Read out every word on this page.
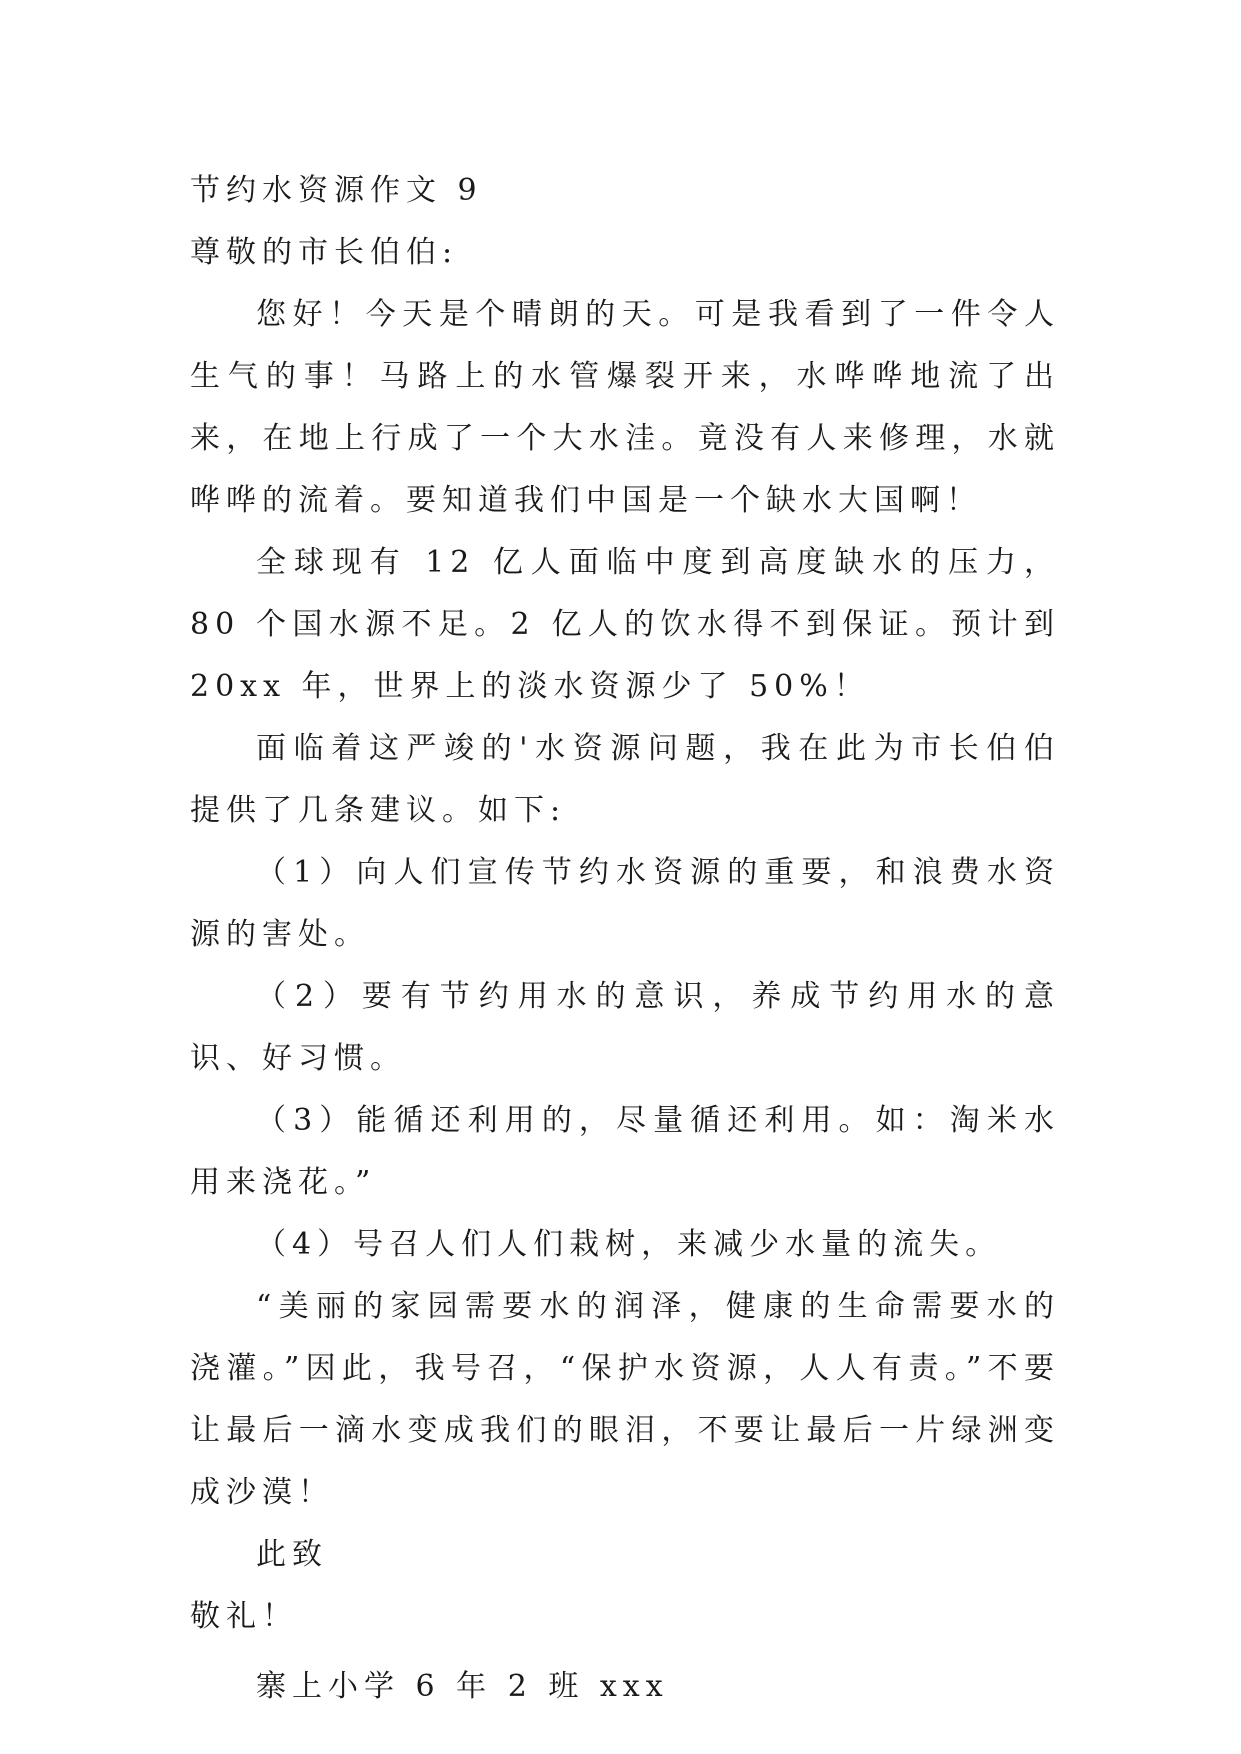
节约水资源作文 9
尊敬的市长伯伯:

您好！今天是个晴朗的天。可是我看到了一件令人生气的事！马路上的水管爆裂开来，水哗哗地流了出来，在地上行成了一个大水洼。竟没有人来修理，水就哗哗的流着。要知道我们中国是一个缺水大国啊！

全球现有 12 亿人面临中度到高度缺水的压力，80 个国水源不足。2 亿人的饮水得不到保证。预计到 20xx 年，世界上的淡水资源少了 50%！

面临着这严竣的'水资源问题，我在此为市长伯伯提供了几条建议。如下:

（1）向人们宣传节约水资源的重要，和浪费水资源的害处。

（2）要有节约用水的意识，养成节约用水的意识、好习惯。

（3）能循还利用的，尽量循还利用。如：淘米水用来浇花。”

（4）号召人们人们栽树，来减少水量的流失。

“美丽的家园需要水的润泽，健康的生命需要水的浇灌。”因此，我号召，“保护水资源，人人有责。”不要让最后一滴水变成我们的眼泪，不要让最后一片绿洲变成沙漠！

此致
敬礼！
寨上小学 6 年 2 班 xxx
